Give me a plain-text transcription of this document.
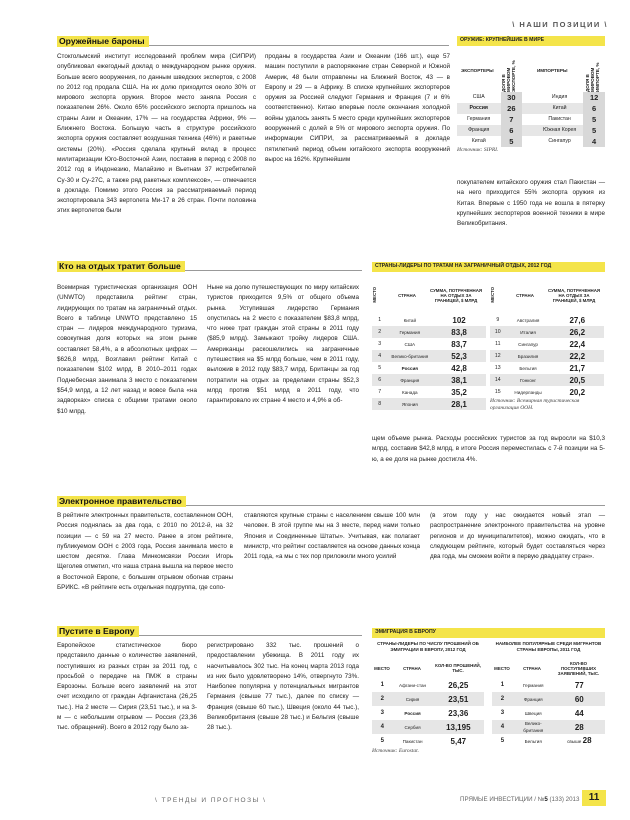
\ НАШИ ПОЗИЦИИ \
Оружейные бароны
Стокгольмский институт исследований проблем мира (СИПРИ) опубликовал ежегодный доклад о международном рынке оружия. Больше всего вооружения, по данным шведских экспертов, с 2008 по 2012 год продала США. На их долю приходится около 30% от мирового экспорта оружия. Второе место заняла Россия с показателем 26%. Около 65% российского экспорта пришлось на страны Азии и Океании, 17% — на государства Африки, 9% — Ближнего Востока. Большую часть в структуре российского экспорта оружия составляет воздушная техника (46%) и ракетные системы (20%). «Россия сделала крупный вклад в процесс милитаризации Юго-Восточной Азии, поставив в период с 2008 по 2012 год в Индонезию, Малайзию и Вьетнам 37 истребителей Су-30 и Су-27С, а также ряд ракетных комплексов», — отмечается в докладе. Помимо этого Россия за рассматриваемый период экспортировала 343 вертолета Ми-17 в 26 стран. Почти половина этих вертолетов были
проданы в государства Азии и Океании (166 шт.), еще 57 машин поступили в распоряжение стран Северной и Южной Америк, 48 были отправлены на Ближний Восток, 43 — в Европу и 29 — в Африку. В списке крупнейших экспортеров оружия за Россией следуют Германия и Франция (7 и 6% соответственно). Китаю впервые после окончания холодной войны удалось занять 5 место среди крупнейших экспортеров вооружений с долей в 5% от мирового экспорта оружия. По информации СИПРИ, за рассматриваемый в докладе пятилетний период объем китайского экспорта вооружений вырос на 162%. Крупнейшим
покупателем китайского оружия стал Пакистан — на него приходится 55% экспорта оружия из Китая. Впервые с 1950 года не вошла в пятерку крупнейших экспортеров военной техники в мире Великобритания.
ОРУЖИЕ: КРУПНЕЙШИЕ В МИРЕ
ЭКСПОРТЕРЫ
ДОЛЯ В МИРОВОМ ЭКСПОРТЕ, %	ИМПОРТЕРЫ
ДОЛЯ В МИРОВОМ ИМПОРТЕ, %
США	30		Индия	12
Россия	26		Китай	6
Германия	7		Пакистан	5
Франция	6		Южная Корея	5
Китай	5		Сингапур	4
Источник: SIPRI.
Кто на отдых тратит больше
Всемирная туристическая организация ООН (UNWTO) представила рейтинг стран, лидирующих по тратам на заграничный отдых. Всего в таблице UNWTO представлено 15 стран — лидеров международного туризма, совокупная доля которых на этом рынке составляет 58,4%, а в абсолютных цифрах — $626,8 млрд. Возглавил рейтинг Китай с показателем $102 млрд. В 2010–2011 годах Поднебесная занимала 3 место с показателем $54,9 млрд, а 12 лет назад и вовсе была «на задворках» списка с общими тратами около $10 млрд.
Ныне на долю путешествующих по миру китайских туристов приходится 9,5% от общего объема рынка. Уступившая лидерство Германия опустилась на 2 место с показателем $83,8 млрд, что ниже трат граждан этой страны в 2011 году ($85,9 млрд). Замыкают тройку лидеров США. Американцы раскошелились на заграничные путешествия на $5 млрд больше, чем в 2011 году, выложив в 2012 году $83,7 млрд. Британцы за год потратили на отдых за пределами страны $52,3 млрд против $51 млрд в 2011 году, что гарантировало их стране 4 место и 4,9% в об-
щем объеме рынка. Расходы российских туристов за год выросли на $10,3 млрд, составив $42,8 млрд, в итоге Россия переместилась с 7-й позиции на 5-ю, а ее доля на рынке достигла 4%.
СТРАНЫ-ЛИДЕРЫ ПО ТРАТАМ НА ЗАГРАНИЧНЫЙ ОТДЫХ, 2012 ГОД
МЕСТО	СТРАНА
СУММА, ПОТРАЧЕННАЯ НА ОТДЫХ ЗА ГРАНИЦЕЙ, $ МЛРД
1	Китай	102
2	Германия	83,8
3	США	83,7
4	Велико-британия	52,3
5	Россия	42,8
6	Франция	38,1
7	Канада	35,2
8	Япония	28,1
МЕСТО	СТРАНА
СУММА, ПОТРАЧЕННАЯ НА ОТДЫХ ЗА ГРАНИЦЕЙ, $ МЛРД
9	Австралия	27,6
10	Италия	26,2
11	Сингапур	22,4
12	Бразилия	22,2
13	Бельгия	21,7
14	Гонконг	20,5
15	Нидерланды	20,2
Источник: Всемирная туристическая организация ООН.
Электронное правительство
В рейтинге электронных правительств, составленном ООН, Россия поднялась за два года, с 2010 по 2012-й, на 32 позиции — с 59 на 27 место. Ранее в этом рейтинге, публикуемом ООН с 2003 года, Россия занимала место в шестом десятке. Глава Минкомсвязи России Игорь Щеголев отметил, что наша страна вышла на первое место в Восточной Европе, с большим отрывом обогнав страны БРИКС. «В рейтинге есть отдельная подгруппа, где сопо-
ставляются крупные страны с населением свыше 100 млн человек. В этой группе мы на 3 месте, перед нами только Япония и Соединенные Штаты». Учитывая, как полагает министр, что рейтинг составляется на основе данных конца 2011 года, «а мы с тех пор приложили много усилий
(в этом году у нас ожидается новый этап — распространение электронного правительства на уровне регионов и до муниципалитетов), можно ожидать, что в следующем рейтинге, который будет составляться через два года, мы сможем войти в первую двадцатку стран».
Пустите в Европу
Европейское статистическое бюро представило данные о количестве заявлений, поступивших из разных стран за 2011 год, с просьбой о передаче на ПМЖ в страны Еврозоны. Больше всего заявлений на этот счет исходило от граждан Афганистана (26,25 тыс.). На 2 месте — Сирия (23,51 тыс.), и на 3-м — с небольшим отрывом — Россия (23,36 тыс. обращений). Всего в 2012 году было за-
регистрировано 332 тыс. прошений о предоставлении убежища. В 2011 году их насчитывалось 302 тыс. На конец марта 2013 года из них было удовлетворено 14%, отвергнуто 73%. Наиболее популярна у потенциальных мигрантов Германия (свыше 77 тыс.), далее по списку — Франция (свыше 60 тыс.), Швеция (около 44 тыс.), Великобритания (свыше 28 тыс.) и Бельгия (свыше 28 тыс.).
ЭМИГРАЦИЯ В ЕВРОПУ
СТРАНЫ-ЛИДЕРЫ ПО ЧИСЛУ ПРОШЕНИЙ ОБ ЭМИГРАЦИИ В ЕВРОПУ, 2012 ГОД
МЕСТО	СТРАНА	КОЛ-ВО ПРОШЕНИЙ, ТЫС.
1	Афгани-стан	26,25
2	Сирия	23,51
3	Россия	23,36
4	Сербия	13,195
5	Пакистан	5,47
Источник: Eurostat.
НАИБОЛЕЕ ПОПУЛЯРНЫЕ СРЕДИ МИГРАНТОВ СТРАНЫ ЕВРОПЫ, 2011 ГОД
МЕСТО	СТРАНА
КОЛ-ВО ПОСТУПИВШИХ ЗАЯВЛЕНИЙ, ТЫС.
1	Германия	77
2	Франция	60
3	Швеция	44
4	Велико-британия	28
5	Бельгия	свыше 28
\ ТРЕНДЫ И ПРОГНОЗЫ \	ПРЯМЫЕ ИНВЕСТИЦИИ / №5 (133) 2013 11
